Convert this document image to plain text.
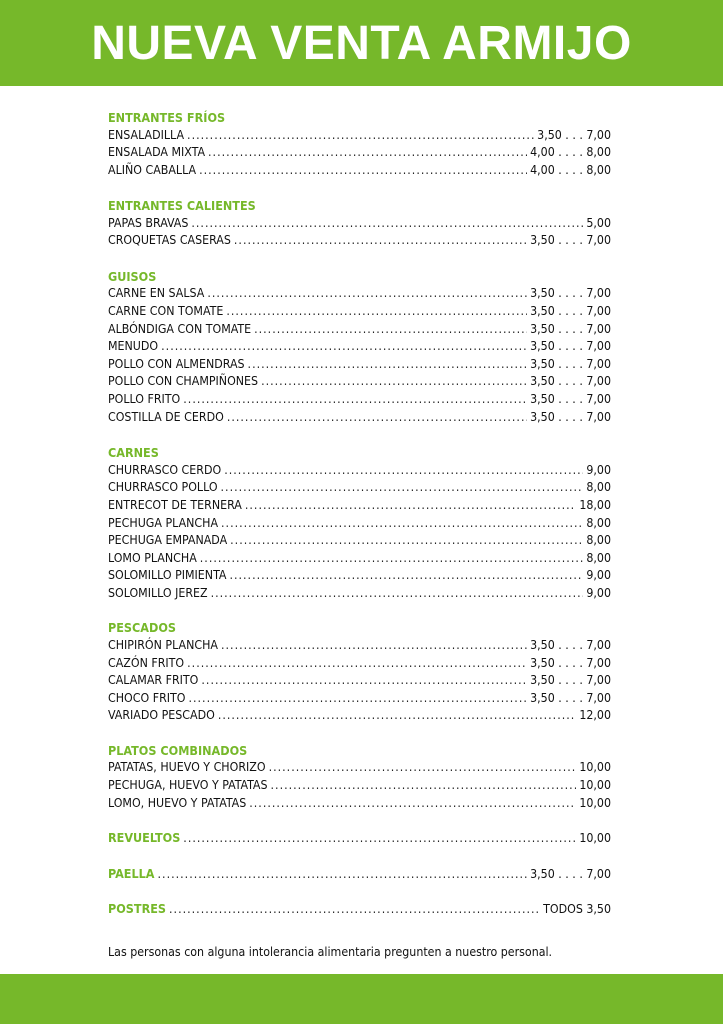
NUEVA VENTA ARMIJO
ENTRANTES FRÍOS
ENSALADILLA . . .	3,50 . . . 7,00
ENSALADA MIXTA . . .	4,00 . . . . 8,00
ALIÑO CABALLA . . .	4,00 . . . . 8,00
ENTRANTES CALIENTES
PAPAS BRAVAS . . .	5,00
CROQUETAS CASERAS . . .	3,50 . . . . 7,00
GUISOS
CARNE EN SALSA . . .	3,50 . . . . 7,00
CARNE CON TOMATE . . .	3,50 . . . . 7,00
ALBÓNDIGA CON TOMATE . . .	3,50 . . . . 7,00
MENUDO . . .	3,50 . . . . 7,00
POLLO CON ALMENDRAS . . .	3,50 . . . . 7,00
POLLO CON CHAMPIÑONES . . .	3,50 . . . . 7,00
POLLO FRITO . . .	3,50 . . . . 7,00
COSTILLA DE CERDO . . .	3,50 . . . . 7,00
CARNES
CHURRASCO CERDO . . .	9,00
CHURRASCO POLLO . . .	8,00
ENTRECOT DE TERNERA . . .	18,00
PECHUGA PLANCHA . . .	8,00
PECHUGA EMPANADA . . .	8,00
LOMO PLANCHA . . .	8,00
SOLOMILLO PIMIENTA . . .	9,00
SOLOMILLO JEREZ . . .	9,00
PESCADOS
CHIPIRÓN PLANCHA . . .	3,50 . . . . 7,00
CAZÓN FRITO . . .	3,50 . . . . 7,00
CALAMAR FRITO . . .	3,50 . . . . 7,00
CHOCO FRITO . . .	3,50 . . . . 7,00
VARIADO PESCADO . . .	12,00
PLATOS COMBINADOS
PATATAS, HUEVO Y CHORIZO . . .	10,00
PECHUGA, HUEVO Y PATATAS . . .	10,00
LOMO, HUEVO Y PATATAS . . .	10,00
REVUELTOS . . .	10,00
PAELLA . . .	3,50 . . . . 7,00
POSTRES . . .	TODOS 3,50
Las personas con alguna intolerancia alimentaria pregunten a nuestro personal.
